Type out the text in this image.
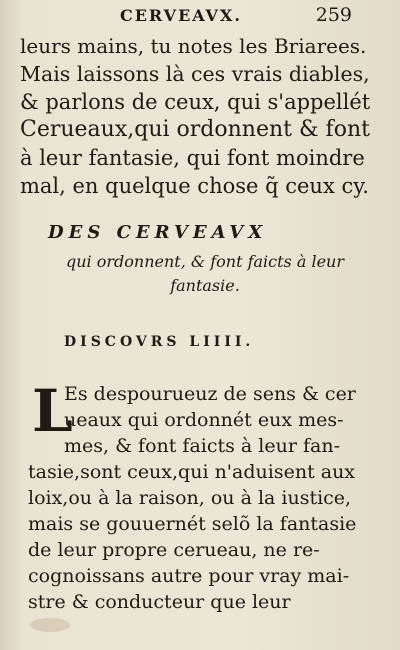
CERVEAVX.	259
leurs mains, tu notes les Briarees.
Mais laissons là ces vrais diables,
& parlons de ceux, qui s'appellét
Cerueaux,qui ordonnent & font
à leur fantasie, qui font moindre
mal, en quelque chose q̃ ceux cy.
DES CERVEAVX
qui ordonnent, & font faicts à leur
fantasie.
DISCOVRS LIIII.
L
Es despourueuz de sens & cer
ueaux qui ordonnét eux mes-
mes, & font faicts à leur fan-
tasie,sont ceux,qui n'aduisent aux
loix,ou à la raison, ou à la iustice,
mais se gouuernét selõ la fantasie
de leur propre cerueau, ne re-
cognoissans autre pour vray mai-
stre & conducteur que leur
